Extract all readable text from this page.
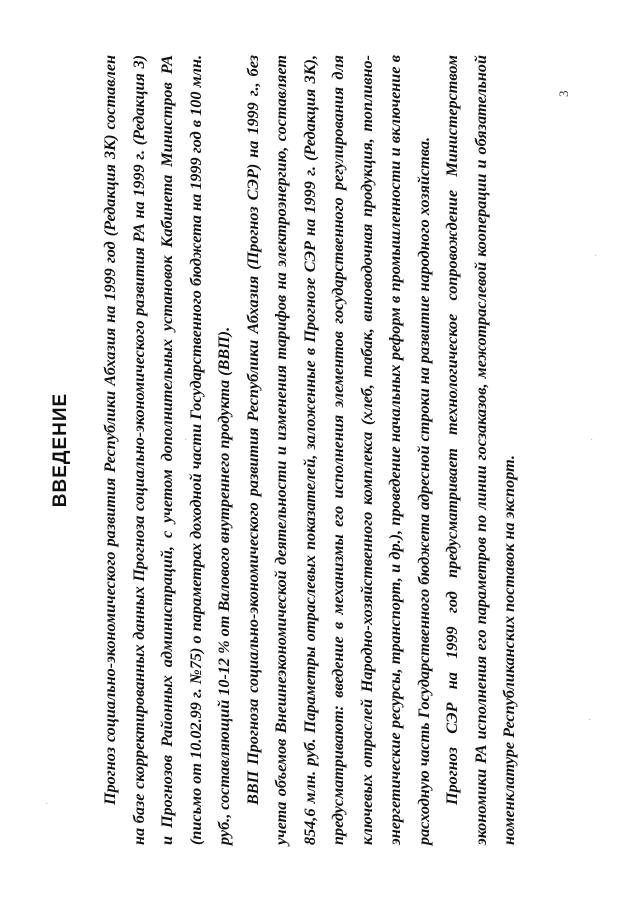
3
ВВЕДЕНИЕ	Прогноз социально-экономического развития Республики Абхазия на 1999 год (Редакция 3К) составлен на базе скорректированных данных Прогноза социально-экономического развития РА на 1999 г. (Редакция 3) и Прогнозов Районных администраций, с учетом дополнительных установок Кабинета Министров РА (письмо от 10.02.99 г. №75) о параметрах доходной части Государственного бюджета на 1999 год в 100 млн. руб., составляющий 10-12 % от Валового внутреннего продукта (ВВП). ВВП Прогноза социально-экономического развития Республики Абхазия (Прогноз СЭР) на 1999 г., без учета объемов Внешнеэкономической деятельности и изменения тарифов на электроэнергию, составляет 854,6 млн. руб. Параметры отраслевых показателей, заложенные в Прогнозе СЭР на 1999 г. (Редакция 3К), предусматривают: введение в механизмы его исполнения элементов государственного регулирования для ключевых отраслей Народно-хозяйственного комплекса (хлеб, табак, виноводочная продукция, топливно-энергетические ресурсы, транспорт, и др.), проведение начальных реформ в промышленности и включение в расходную часть Государственного бюджета адресной строки на развитие народного хозяйства. Прогноз СЭР на 1999 год предусматривает технологическое сопровождение Министерством экономики РА исполнения его параметров по линии госзаказов, межотраслевой кооперации и обязательной номенклатуре Республиканских поставок на экспорт.

·
·
·
·
·
